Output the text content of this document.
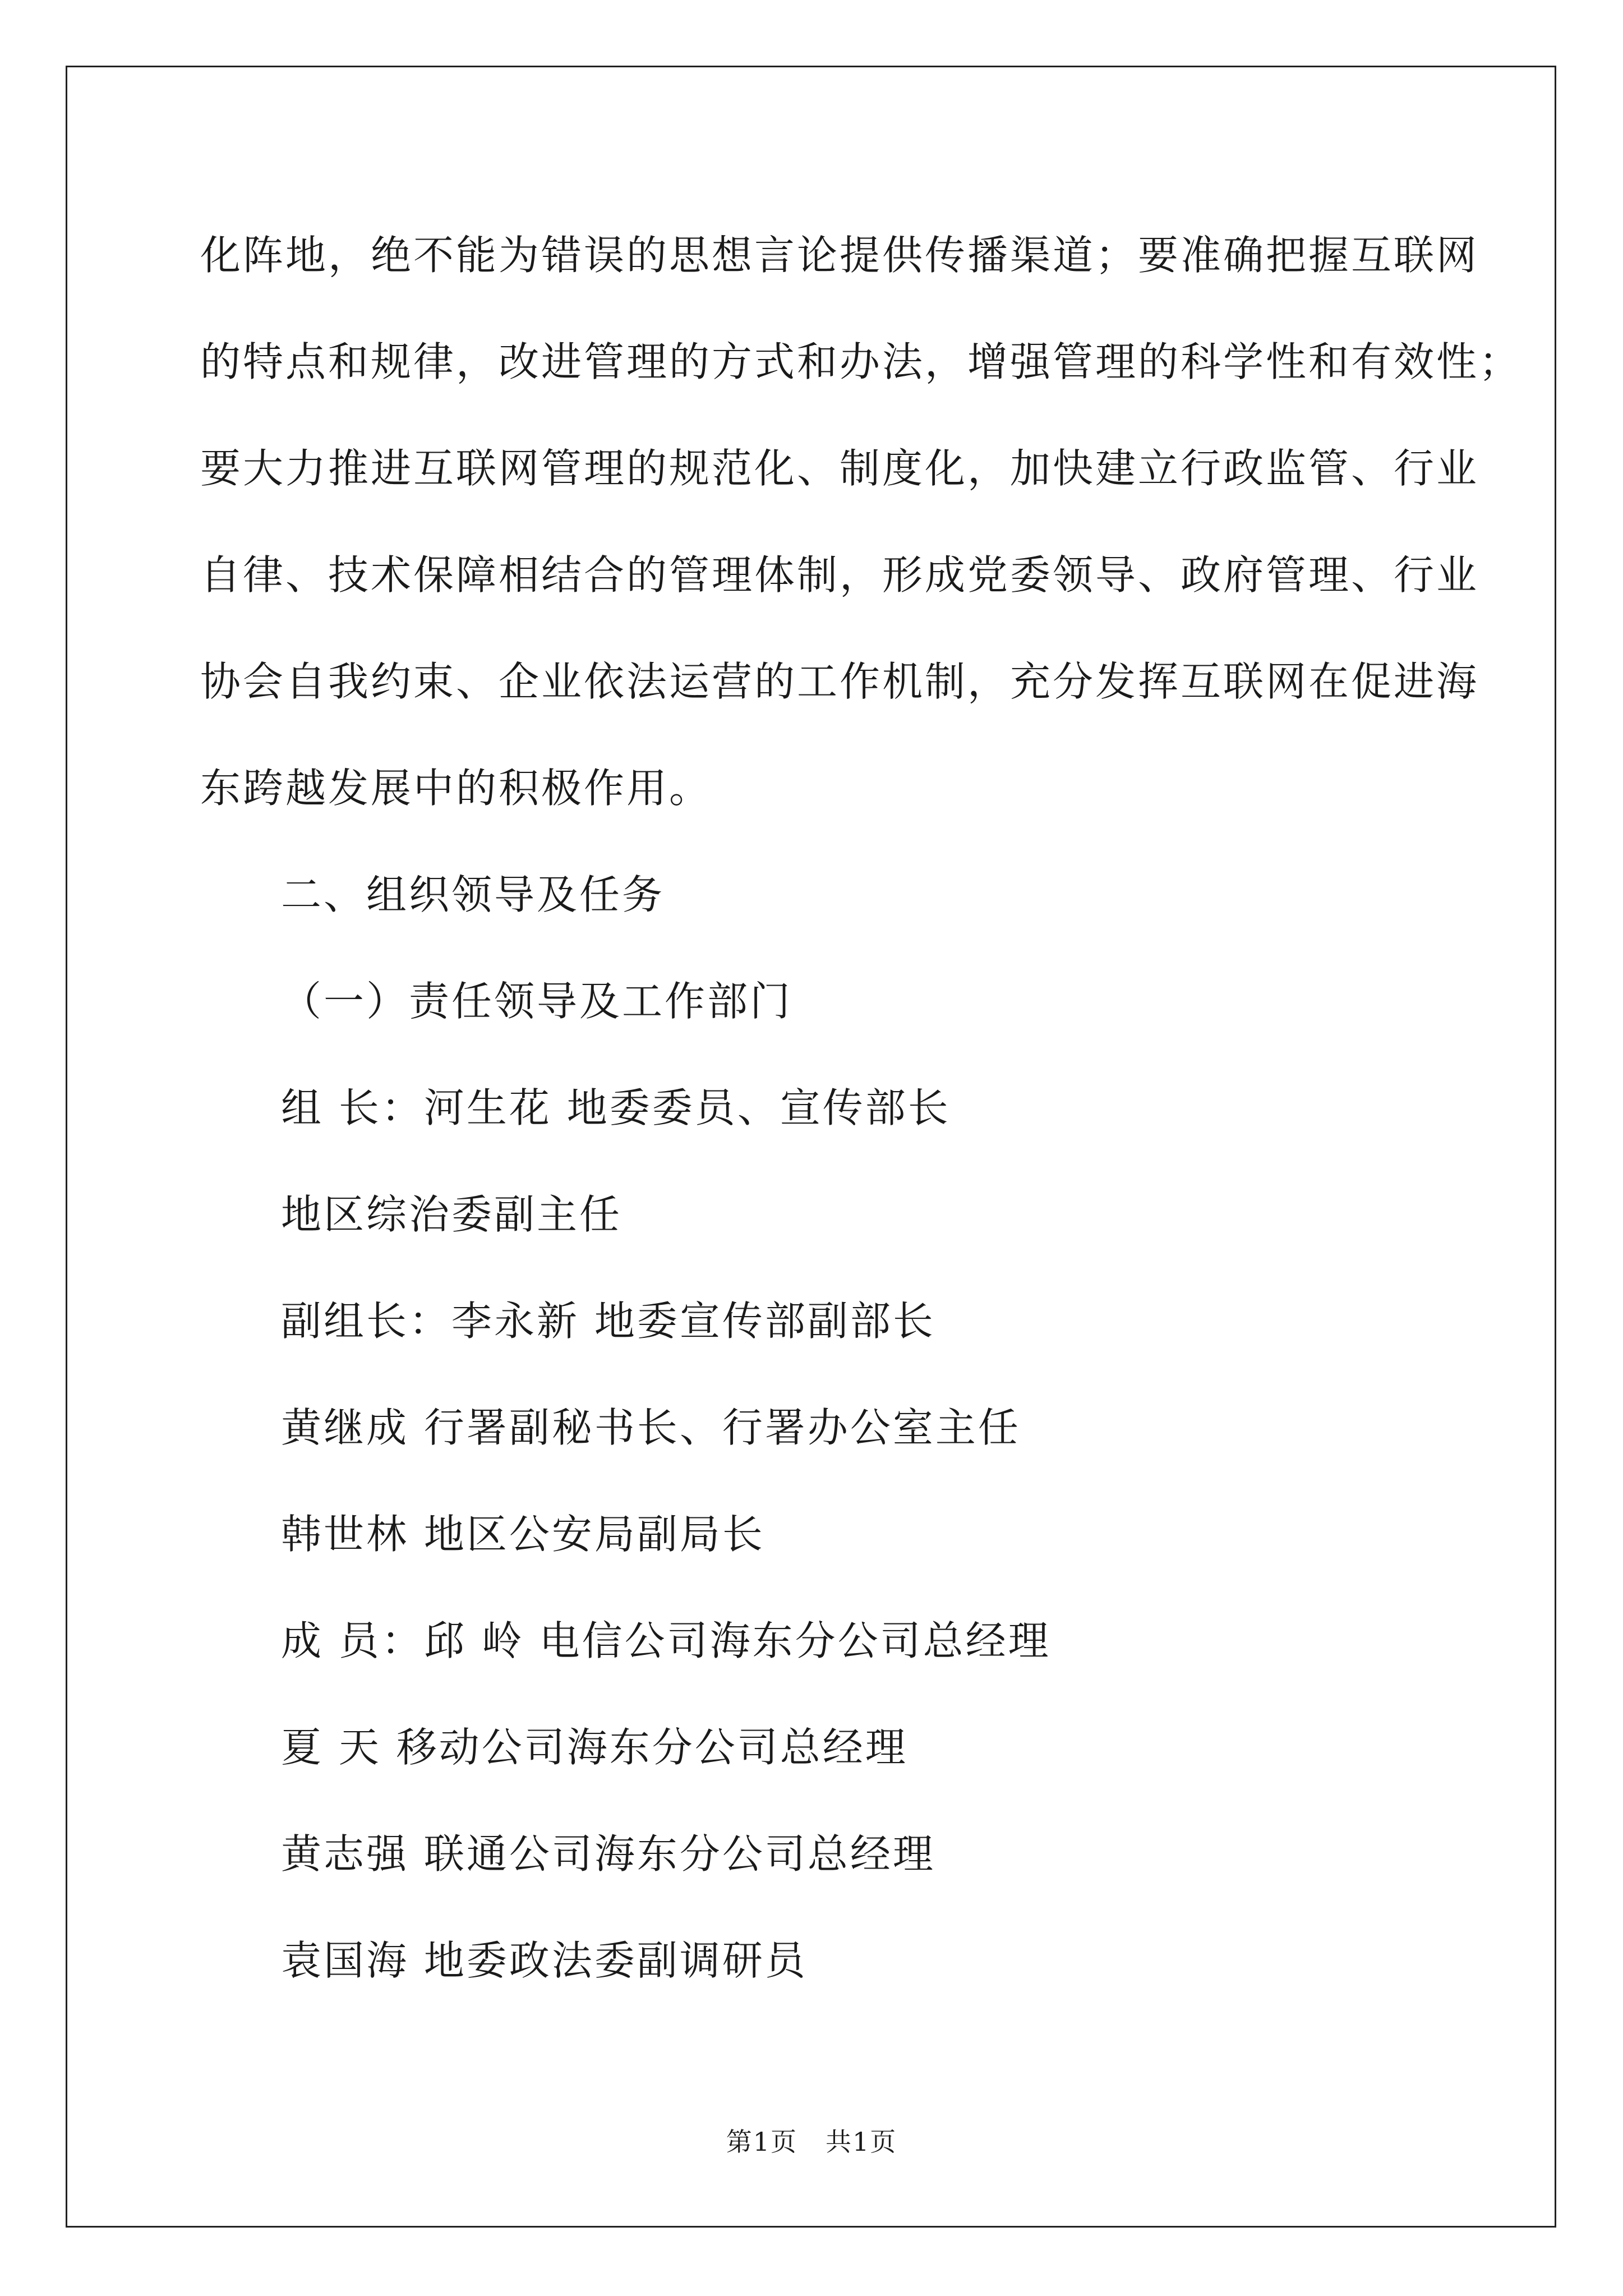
化阵地，绝不能为错误的思想言论提供传播渠道；要准确把握互联网
的特点和规律，改进管理的方式和办法，增强管理的科学性和有效性；
要大力推进互联网管理的规范化、制度化，加快建立行政监管、行业
自律、技术保障相结合的管理体制，形成党委领导、政府管理、行业
协会自我约束、企业依法运营的工作机制，充分发挥互联网在促进海
东跨越发展中的积极作用。
二、组织领导及任务
（一）责任领导及工作部门
组 长：河生花 地委委员、宣传部长
地区综治委副主任
副组长：李永新 地委宣传部副部长
黄继成 行署副秘书长、行署办公室主任
韩世林 地区公安局副局长
成 员：邱 岭 电信公司海东分公司总经理
夏 天 移动公司海东分公司总经理
黄志强 联通公司海东分公司总经理
袁国海 地委政法委副调研员
第1页 共1页
